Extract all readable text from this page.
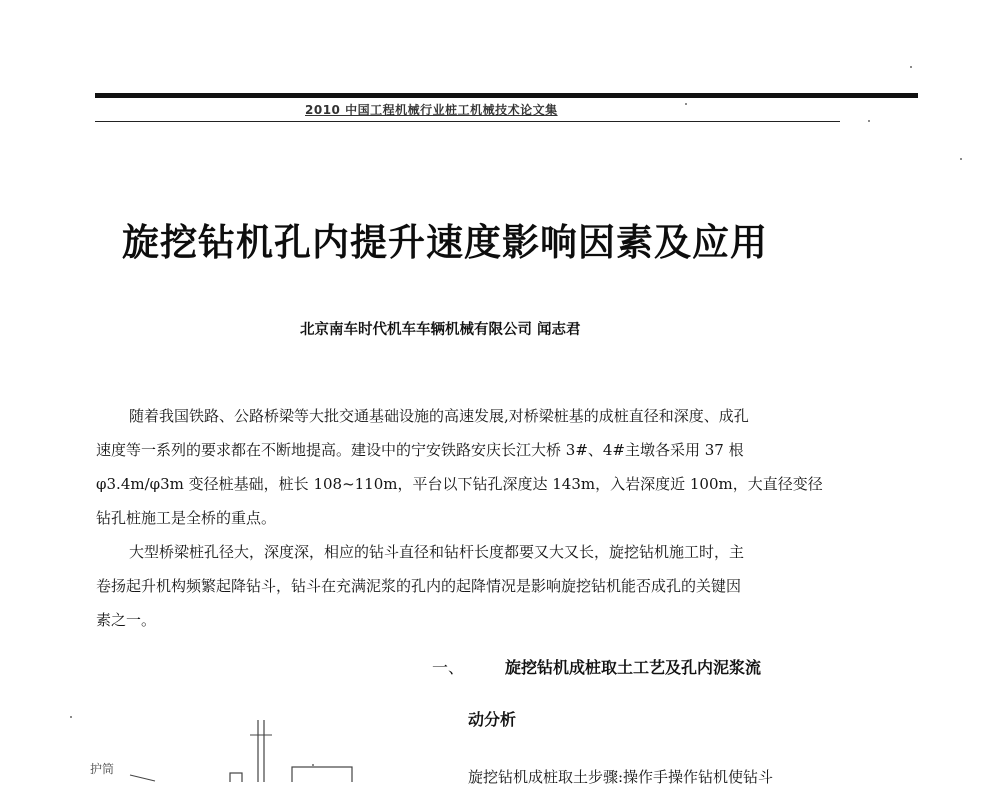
2010 中国工程机械行业桩工机械技术论文集
旋挖钻机孔内提升速度影响因素及应用
北京南车时代机车车辆机械有限公司 闻志君
随着我国铁路、公路桥梁等大批交通基础设施的高速发展,对桥梁桩基的成桩直径和深度、成孔
速度等一系列的要求都在不断地提高。建设中的宁安铁路安庆长江大桥 3#、4#主墩各采用 37 根
φ3.4m/φ3m 变径桩基础，桩长 108~110m，平台以下钻孔深度达 143m，入岩深度近 100m，大直径变径
钻孔桩施工是全桥的重点。
大型桥梁桩孔径大，深度深，相应的钻斗直径和钻杆长度都要又大又长，旋挖钻机施工时，主
卷扬起升机构频繁起降钻斗，钻斗在充满泥浆的孔内的起降情况是影响旋挖钻机能否成孔的关键因
素之一。
一、	旋挖钻机成桩取土工艺及孔内泥浆流
动分析
旋挖钻机成桩取土步骤:操作手操作钻机使钻斗
护筒
